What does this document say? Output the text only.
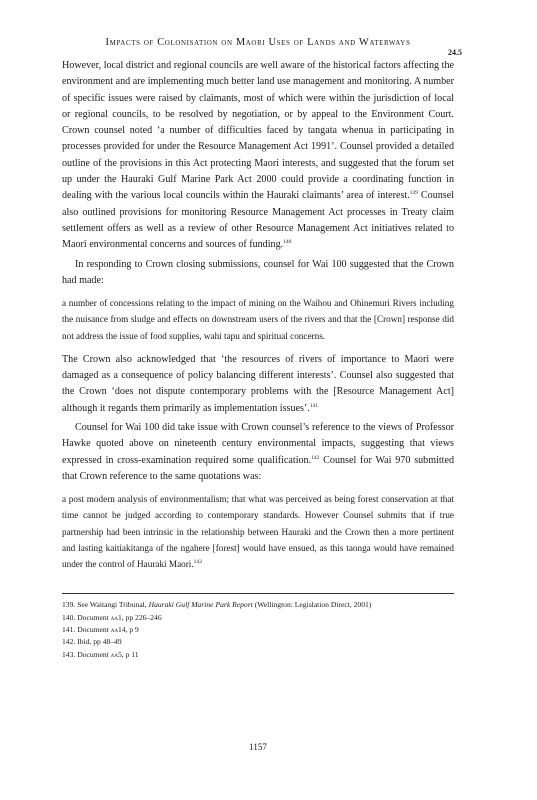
Impacts of Colonisation on Maori Uses of Lands and Waterways

24.5

However, local district and regional councils are well aware of the historical factors affecting the environment and are implementing much better land use management and monitoring. A number of specific issues were raised by claimants, most of which were within the jurisdiction of local or regional councils, to be resolved by negotiation, or by appeal to the Environment Court. Crown counsel noted ‘a number of difficulties faced by tangata whenua in participating in processes provided for under the Resource Management Act 1991’. Counsel provided a detailed outline of the provisions in this Act protecting Maori interests, and suggested that the forum set up under the Hauraki Gulf Marine Park Act 2000 could provide a coordinating function in dealing with the various local councils within the Hauraki claimants’ area of interest.$^{139}$ Counsel also outlined provisions for monitoring Resource Management Act processes in Treaty claim settlement offers as well as a review of other Resource Management Act initiatives related to Maori environmental concerns and sources of funding.$^{140}$

In responding to Crown closing submissions, counsel for Wai 100 suggested that the Crown had made:

a number of concessions relating to the impact of mining on the Waihou and Ohinemuri Rivers including the nuisance from sludge and effects on downstream users of the rivers and that the [Crown] response did not address the issue of food supplies, wahi tapu and spiritual concerns.

The Crown also acknowledged that ‘the resources of rivers of importance to Maori were damaged as a consequence of policy balancing different interests’. Counsel also suggested that the Crown ‘does not dispute contemporary problems with the [Resource Management Act] although it regards them primarily as implementation issues’.$^{141}$

Counsel for Wai 100 did take issue with Crown counsel’s reference to the views of Professor Hawke quoted above on nineteenth century environmental impacts, suggesting that views expressed in cross-examination required some qualification.$^{142}$ Counsel for Wai 970 submitted that Crown reference to the same quotations was:

a post modern analysis of environmentalism; that what was perceived as being forest conservation at that time cannot be judged according to contemporary standards. However Counsel submits that if true partnership had been intrinsic in the relationship between Hauraki and the Crown then a more pertinent and lasting kaitiakitanga of the ngahere [forest] would have ensued, as this taonga would have remained under the control of Hauraki Maori.$^{143}$

139. See Waitangi Tribunal, Hauraki Gulf Marine Park Report (Wellington: Legislation Direct, 2001)

140. Document aa1, pp 226–246

141. Document aa14, p 9

142. Ibid, pp 48–49

143. Document aa5, p 11

1157
